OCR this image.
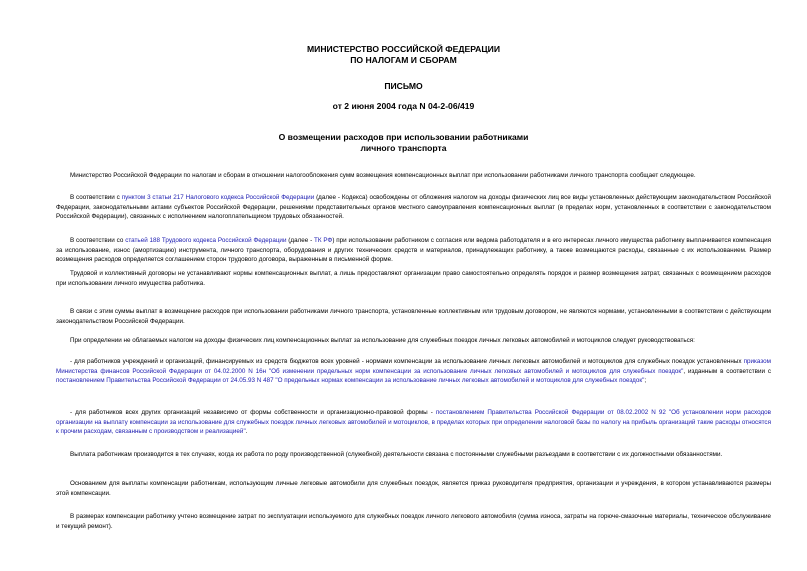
МИНИСТЕРСТВО РОССИЙСКОЙ ФЕДЕРАЦИИ
ПО НАЛОГАМ И СБОРАМ
ПИСЬМО
от 2 июня 2004 года N 04-2-06/419
О возмещении расходов при использовании работниками
личного транспорта
Министерство Российской Федерации по налогам и сборам в отношении налогообложения сумм возмещения компенсационных выплат при использовании работниками личного транспорта сообщает следующее.
В соответствии с пунктом 3 статьи 217 Налогового кодекса Российской Федерации (далее - Кодекса) освобождены от обложения налогом на доходы физических лиц все виды установленных действующим законодательством Российской Федерации, законодательными актами субъектов Российской Федерации, решениями представительных органов местного самоуправления компенсационных выплат (в пределах норм, установленных в соответствии с законодательством Российской Федерации), связанных с исполнением налогоплательщиком трудовых обязанностей.
В соответствии со статьей 188 Трудового кодекса Российской Федерации (далее - ТК РФ) при использовании работником с согласия или ведома работодателя и в его интересах личного имущества работнику выплачивается компенсация за использование, износ (амортизацию) инструмента, личного транспорта, оборудования и других технических средств и материалов, принадлежащих работнику, а также возмещаются расходы, связанные с их использованием. Размер возмещения расходов определяется соглашением сторон трудового договора, выраженным в письменной форме.
Трудовой и коллективный договоры не устанавливают нормы компенсационных выплат, а лишь предоставляют организации право самостоятельно определять порядок и размер возмещения затрат, связанных с возмещением расходов при использовании личного имущества работника.
В связи с этим суммы выплат в возмещение расходов при использовании работниками личного транспорта, установленные коллективным или трудовым договором, не являются нормами, установленными в соответствии с действующим законодательством Российской Федерации.
При определении не облагаемых налогом на доходы физических лиц компенсационных выплат за использование для служебных поездок личных легковых автомобилей и мотоциклов следует руководствоваться:
- для работников учреждений и организаций, финансируемых из средств бюджетов всех уровней - нормами компенсации за использование личных легковых автомобилей и мотоциклов для служебных поездок установленных приказом Министерства финансов Российской Федерации от 04.02.2000 N 16н "Об изменении предельных норм компенсации за использование личных легковых автомобилей и мотоциклов для служебных поездок", изданным в соответствии с постановлением Правительства Российской Федерации от 24.05.93 N 487 "О предельных нормах компенсации за использование личных легковых автомобилей и мотоциклов для служебных поездок";
- для работников всех других организаций независимо от формы собственности и организационно-правовой формы - постановлением Правительства Российской Федерации от 08.02.2002 N 92 "Об установлении норм расходов организации на выплату компенсации за использование для служебных поездок личных легковых автомобилей и мотоциклов, в пределах которых при определении налоговой базы по налогу на прибыль организаций такие расходы относятся к прочим расходам, связанным с производством и реализацией".
Выплата работникам производится в тех случаях, когда их работа по роду производственной (служебной) деятельности связана с постоянными служебными разъездами в соответствии с их должностными обязанностями.
Основанием для выплаты компенсации работникам, использующим личные легковые автомобили для служебных поездок, является приказ руководителя предприятия, организации и учреждения, в котором устанавливаются размеры этой компенсации.
В размерах компенсации работнику учтено возмещение затрат по эксплуатации используемого для служебных поездок личного легкового автомобиля (сумма износа, затраты на горюче-смазочные материалы, техническое обслуживание и текущий ремонт).
